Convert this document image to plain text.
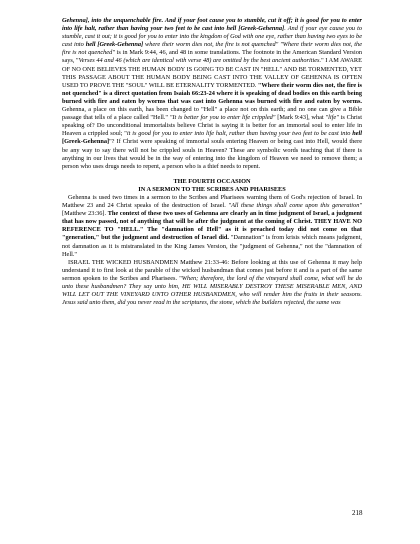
Gehenna], into the unquenchable fire. And if your foot cause you to stumble, cut it off; it is good for you to enter into life halt, rather than having your two feet to be cast into hell [Greek-Gehenna]. And if your eye cause you to stumble, cast it out; it is good for you to enter into the kingdom of God with one eye, rather than having two eyes to be cast into hell [Greek-Gehenna] where their worm dies not, the fire is not quenched" "Where their worm dies not, the fire is not quenched" is in Mark 9:44, 46, and 48 in some translations. The footnote in the American Standard Version says, "Verses 44 and 46 (which are identical with verse 48) are omitted by the best ancient authorities." I AM AWARE OF NO ONE BELIEVES THE HUMAN BODY IS GOING TO BE CAST IN "HELL" AND BE TORMENTED, YET THIS PASSAGE ABOUT THE HUMAN BODY BEING CAST INTO THE VALLEY OF GEHENNA IS OFTEN USED TO PROVE THE "SOUL" WILL BE ETERNALITY TORMENTED. "Where their worm dies not, the fire is not quenched" is a direct quotation from Isaiah 66:23-24 where it is speaking of dead bodies on this earth being burned with fire and eaten by worms that was cast into Gehenna was burned with fire and eaten by worms. Gehenna, a place on this earth, has been changed to "Hell" a place not on this earth; and no one can give a Bible passage that tells of a place called "Hell." "It is better for you to enter life crippled" [Mark 9:43], what "life" is Christ speaking of? Do unconditional immortalists believe Christ is saying it is better for an immortal soul to enter life in Heaven a crippled soul; "it is good for you to enter into life halt, rather than having your two feet to be cast into hell [Greek-Gehenna]"? If Christ were speaking of immortal souls entering Heaven or being cast into Hell, would there be any way to say there will not be crippled souls in Heaven? These are symbolic words teaching that if there is anything in our lives that would be in the way of entering into the kingdom of Heaven we need to remove them; a person who uses drugs needs to repent, a person who is a thief needs to repent.

THE FOURTH OCCASION
IN A SERMON TO THE SCRIBES AND PHARISEES

Gehenna is used two times in a sermon to the Scribes and Pharisees warning them of God's rejection of Israel. In Matthew 23 and 24 Christ speaks of the destruction of Israel. "All these things shall come upon this generation" [Matthew 23:36]. The context of these two uses of Gehenna are clearly an in time judgment of Israel, a judgment that has now passed, not of anything that will be after the judgment at the coming of Christ. THEY HAVE NO REFERENCE TO "HELL." The "damnation of Hell" as it is preached today did not come on that "generation," but the judgment and destruction of Israel did. "Damnation" is from krisis which means judgment, not damnation as it is mistranslated in the King James Version, the "judgment of Gehenna," not the "damnation of Hell."

ISRAEL THE WICKED HUSBANDMEN Matthew 21:33-46: Before looking at this use of Gehenna it may help understand it to first look at the parable of the wicked husbandman that comes just before it and is a part of the same sermon spoken to the Scribes and Pharisees. "When; therefore, the lord of the vineyard shall come, what will he do unto these husbandmen? They say unto him, HE WILL MISERABLY DESTROY THESE MISERABLE MEN, AND WILL LET OUT THE VINEYARD UNTO OTHER HUSBANDMEN, who will render him the fruits in their seasons. Jesus said unto them, did you never read in the scriptures, the stone, which the builders rejected, the same was

218
